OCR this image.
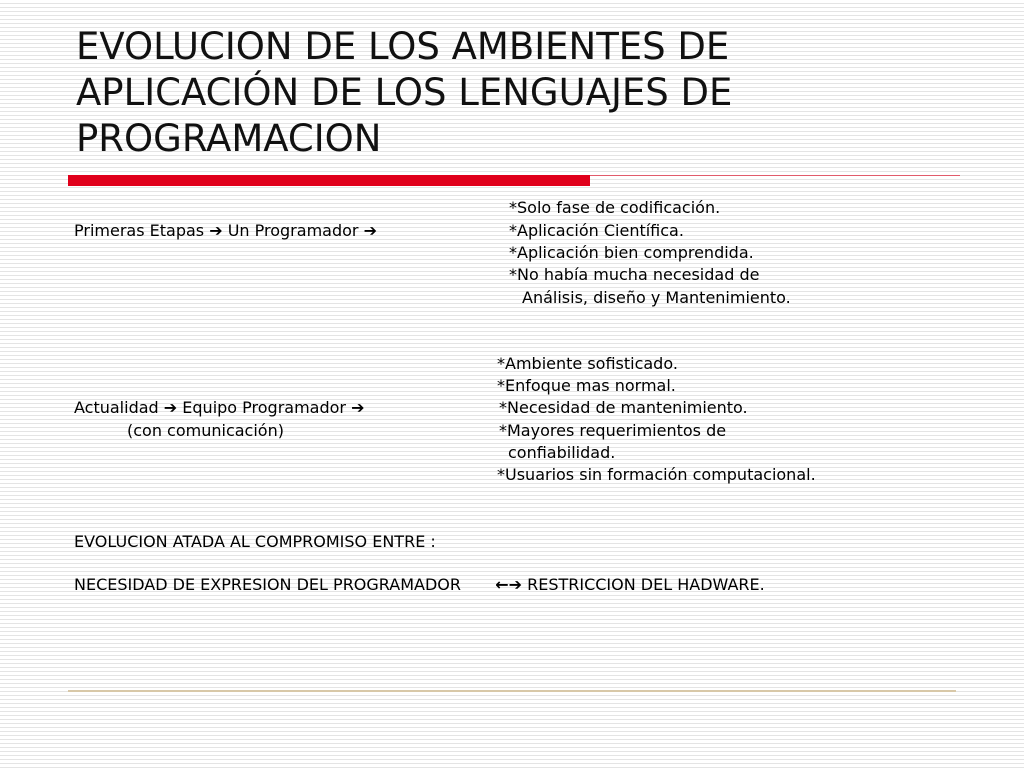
EVOLUCION DE LOS AMBIENTES DE
APLICACIÓN DE LOS LENGUAJES DE
PROGRAMACION
*Solo fase de codificación.
Primeras Etapas ➔ Un Programador ➔	*Aplicación Científica.
*Aplicación bien comprendida.
*No había mucha necesidad de
Análisis, diseño y Mantenimiento.
*Ambiente sofisticado.
*Enfoque mas normal.
Actualidad ➔ Equipo Programador ➔	*Necesidad de mantenimiento.
(con comunicación)	*Mayores requerimientos de
confiabilidad.
*Usuarios sin formación computacional.
EVOLUCION ATADA AL COMPROMISO ENTRE :
NECESIDAD DE EXPRESION DEL PROGRAMADOR ←➔ RESTRICCION DEL HADWARE.
